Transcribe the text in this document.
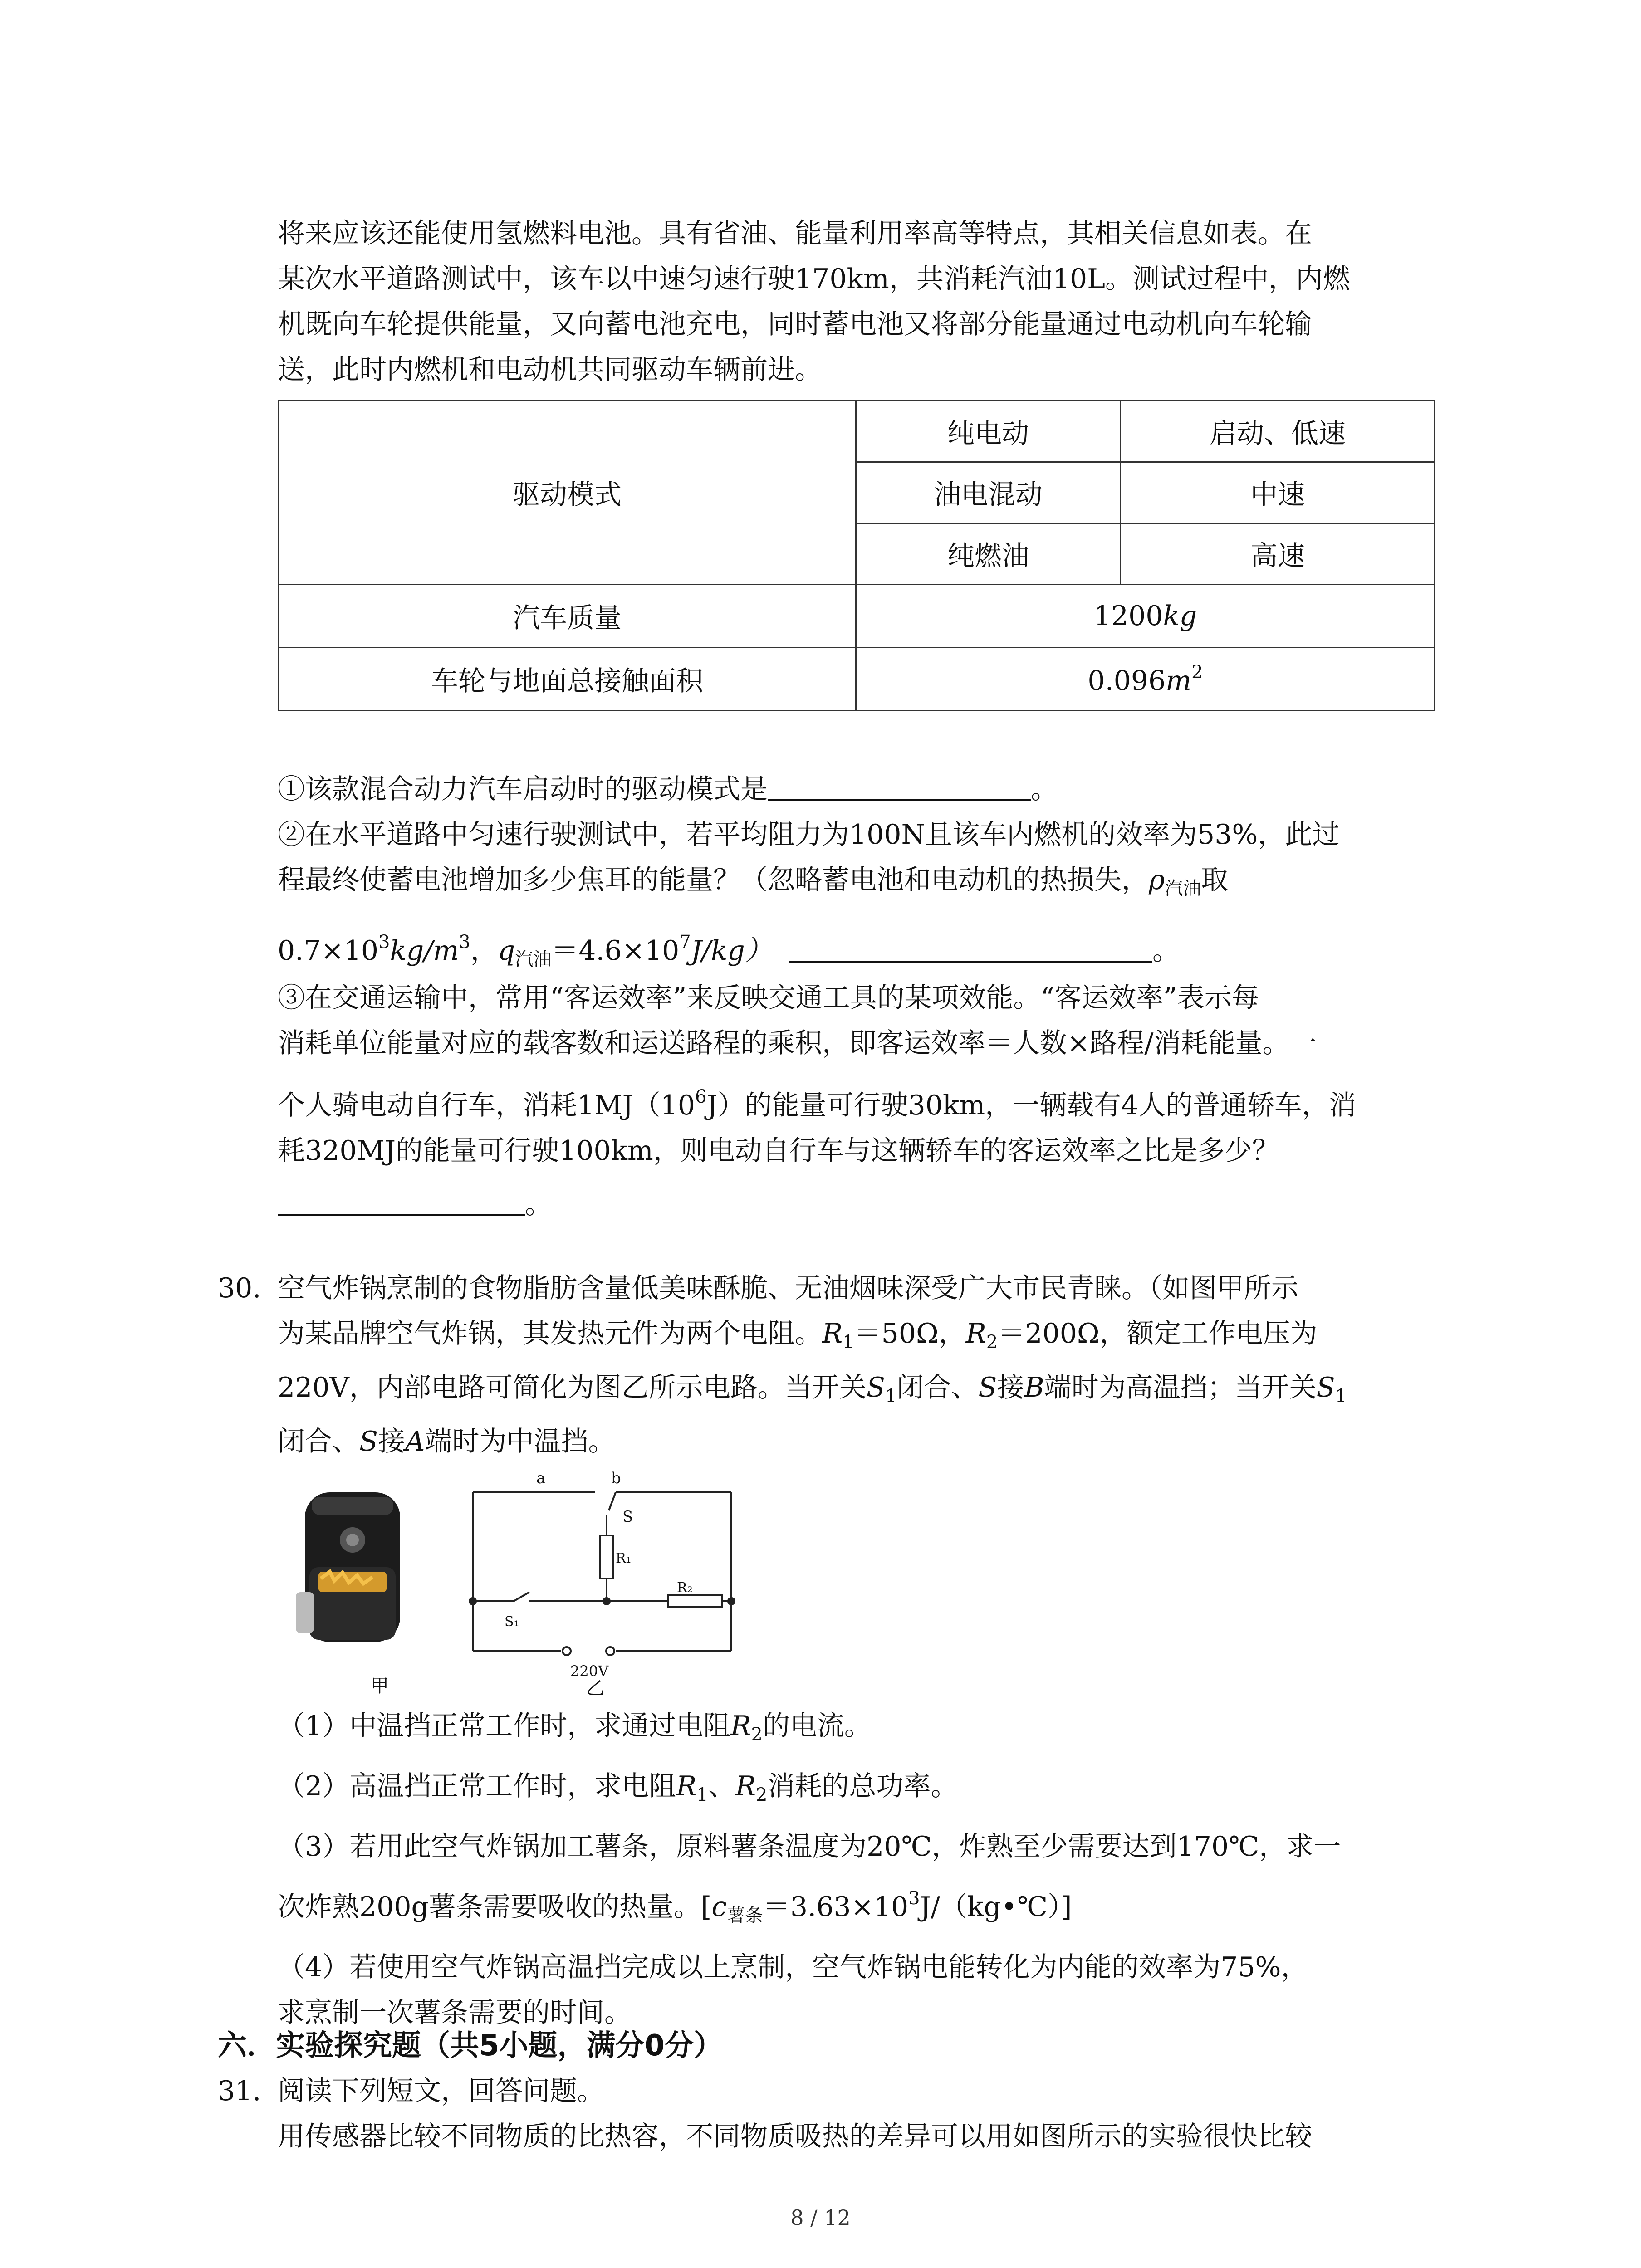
将来应该还能使用氢燃料电池。具有省油、能量利用率高等特点，其相关信息如表。在
某次水平道路测试中，该车以中速匀速行驶170km，共消耗汽油10L。测试过程中，内燃
机既向车轮提供能量，又向蓄电池充电，同时蓄电池又将部分能量通过电动机向车轮输
送，此时内燃机和电动机共同驱动车辆前进。
驱动模式	纯电动	启动、低速
	油电混动	中速
	纯燃油	高速
汽车质量	1200kg	
车轮与地面总接触面积	$0.096m^2$
①该款混合动力汽车启动时的驱动模式是	。
②在水平道路中匀速行驶测试中，若平均阻力为100N且该车内燃机的效率为53%，此过
程最终使蓄电池增加多少焦耳的能量？（忽略蓄电池和电动机的热损失，$\rho_{汽油}$取
$0.7\times 10^3kg/m^3$，$q_{汽油}=4.6\times 10^7J/kg$）	。
③在交通运输中，常用“客运效率”来反映交通工具的某项效能。“客运效率”表示每
消耗单位能量对应的载客数和运送路程的乘积，即客运效率＝人数×路程/消耗能量。一
个人骑电动自行车，消耗$1MJ(10^6J)$的能量可行驶30km，一辆载有4人的普通轿车，消
耗320MJ的能量可行驶100km，则电动自行车与这辆轿车的客运效率之比是多少？
。
30. 空气炸锅烹制的食物脂肪含量低美味酥脆、无油烟味深受广大市民青睐。（如图甲所示
为某品牌空气炸锅，其发热元件为两个电阻。$R_1=50\Omega$，$R_2=200\Omega$，额定工作电压为
220V，内部电路可简化为图乙所示电路。当开关$S_1$闭合、S接B端时为高温挡；当开关$S_1$
闭合、S接A端时为中温挡。
甲
a	b
S
R₁
R₂
S₁
220V
乙
（1）中温挡正常工作时，求通过电阻$R_2$的电流。
（2）高温挡正常工作时，求电阻$R_1$、$R_2$消耗的总功率。
（3）若用此空气炸锅加工薯条，原料薯条温度为20℃，炸熟至少需要达到170℃，求一
次炸熟200g薯条需要吸收的热量。$[c_{薯条}=3.63\times 10^3J/(kg•℃)]$
（4）若使用空气炸锅高温挡完成以上烹制，空气炸锅电能转化为内能的效率为75%，
求烹制一次薯条需要的时间。
六．实验探究题（共5小题，满分0分）
31. 阅读下列短文，回答问题。
用传感器比较不同物质的比热容，不同物质吸热的差异可以用如图所示的实验很快比较
8 / 12
